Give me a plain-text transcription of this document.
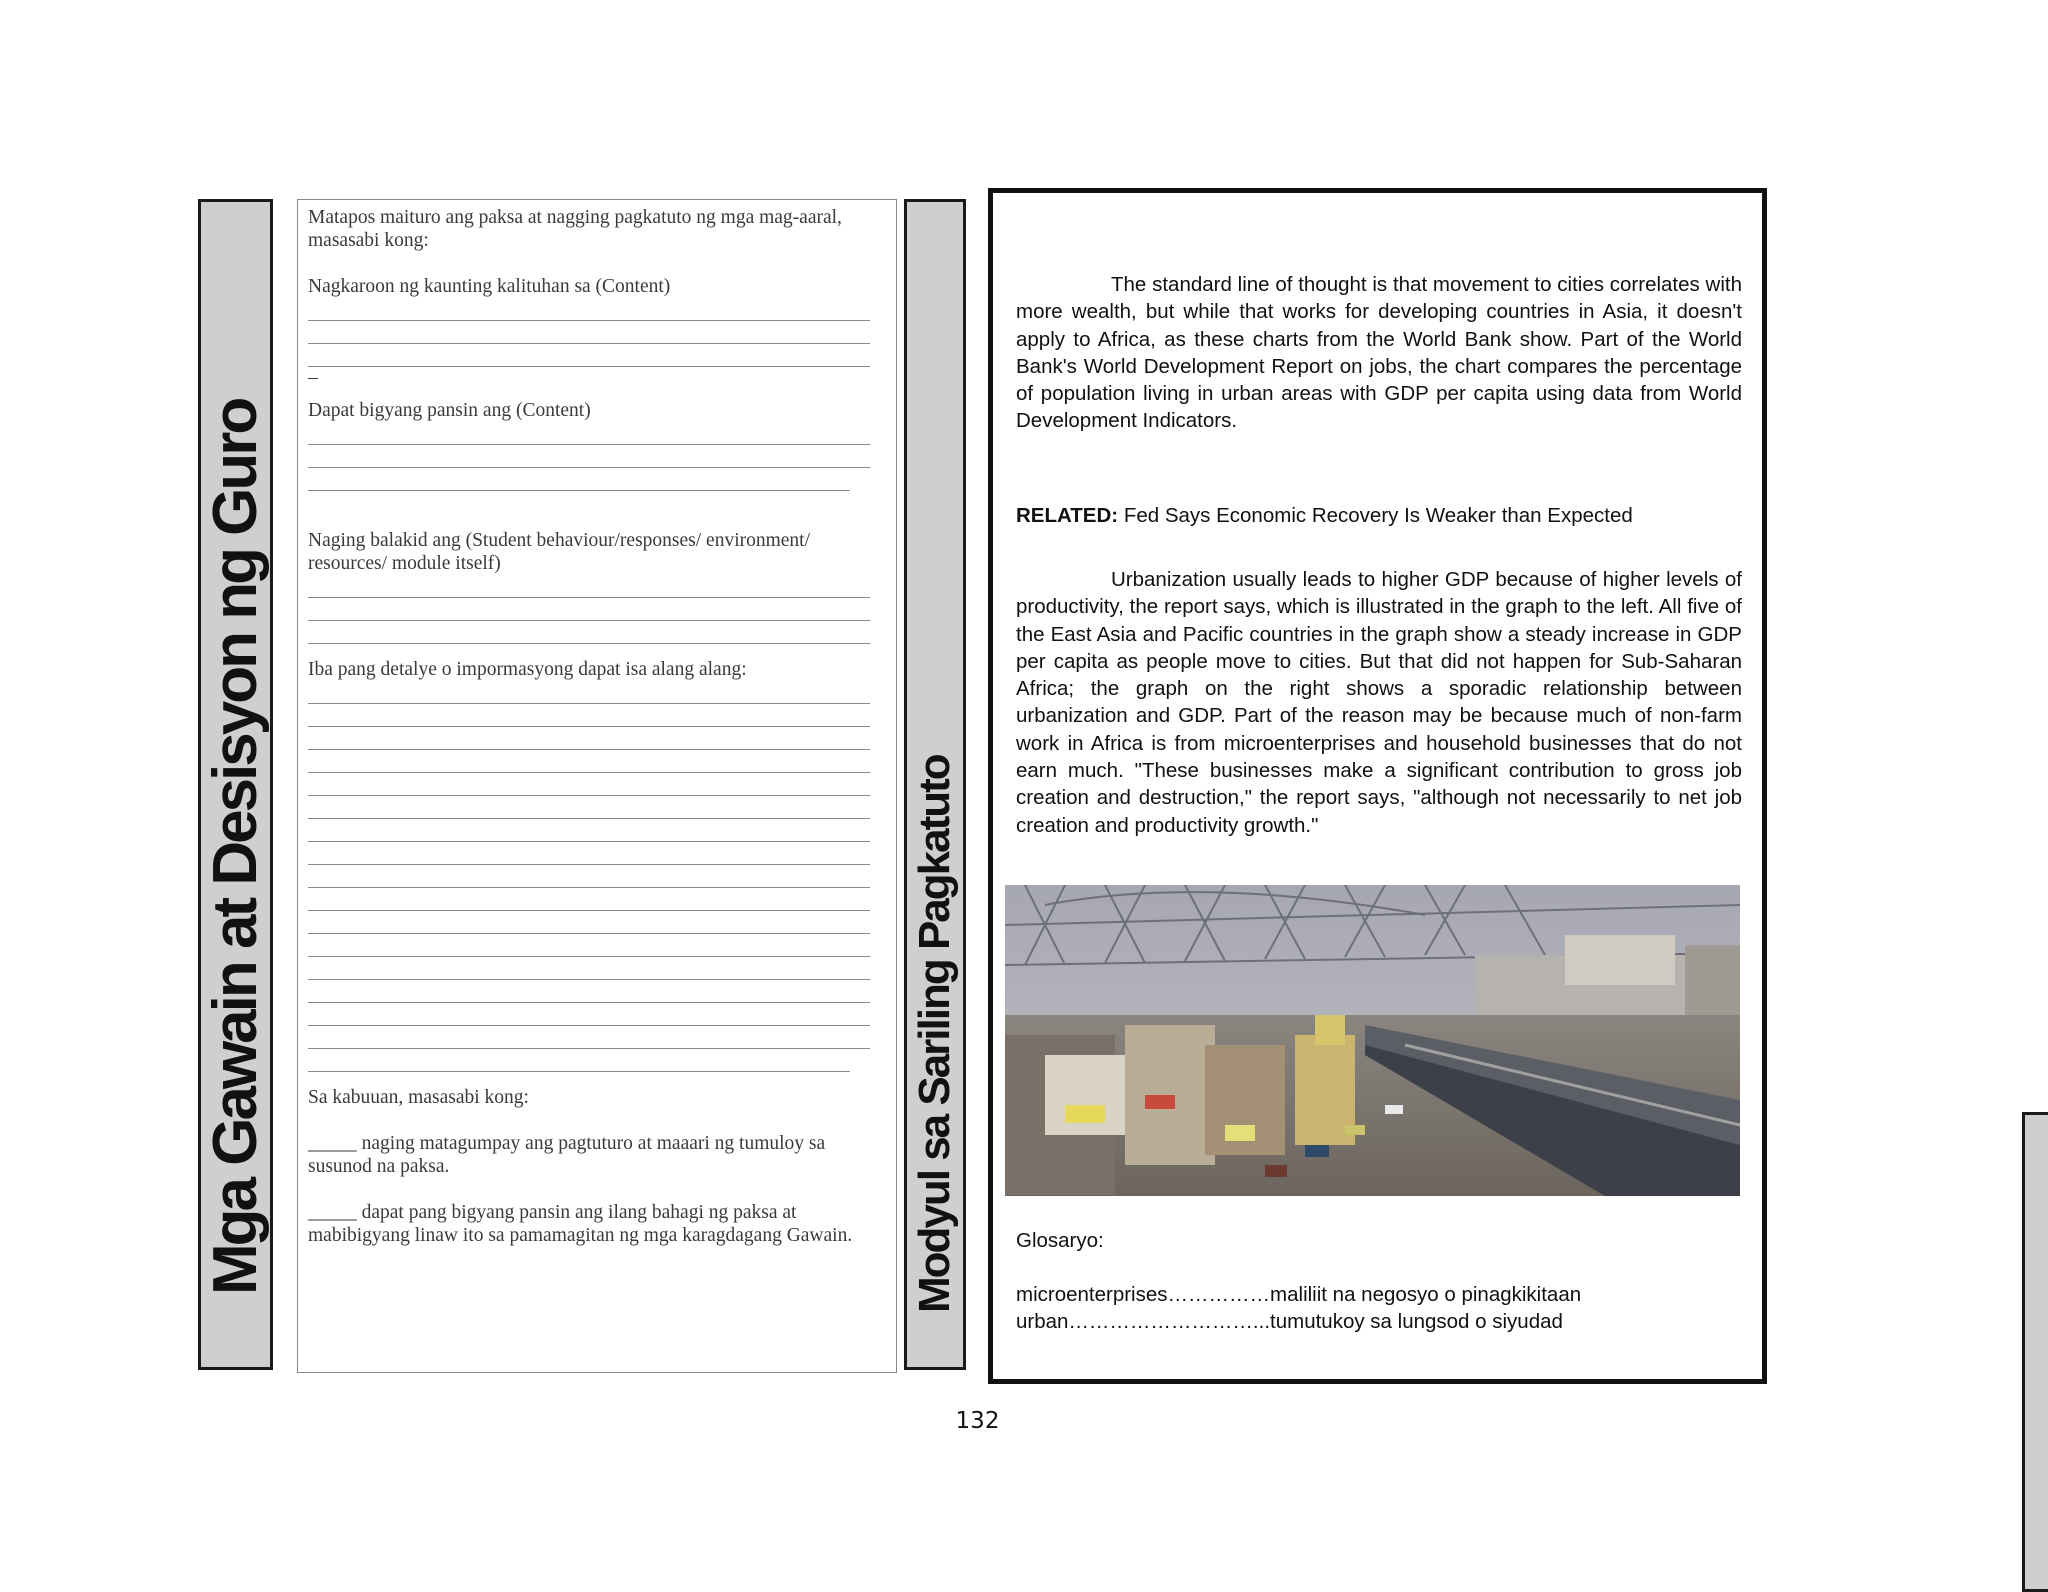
Mga Gawain at Desisyon ng Guro

Matapos maituro ang paksa at nagging pagkatuto ng mga mag-aaral, masasabi kong:

Nagkaroon ng kaunting kalituhan sa (Content)

–

Dapat bigyang pansin ang (Content)

Naging balakid ang (Student behaviour/responses/ environment/ resources/ module itself)

Iba pang detalye o impormasyong dapat isa alang alang:

Sa kabuuan, masasabi kong:

_____ naging matagumpay ang pagtuturo at maaari ng tumuloy sa susunod na paksa.

_____ dapat pang bigyang pansin ang ilang bahagi ng paksa at mabibigyang linaw ito sa pamamagitan ng mga karagdagang Gawain.	Modyul sa Sariling Pagkatuto

The standard line of thought is that movement to cities correlates with more wealth, but while that works for developing countries in Asia, it doesn't apply to Africa, as these charts from the World Bank show. Part of the World Bank's World Development Report on jobs, the chart compares the percentage of population living in urban areas with GDP per capita using data from World Development Indicators.

RELATED: Fed Says Economic Recovery Is Weaker than Expected

Urbanization usually leads to higher GDP because of higher levels of productivity, the report says, which is illustrated in the graph to the left. All five of the East Asia and Pacific countries in the graph show a steady increase in GDP per capita as people move to cities. But that did not happen for Sub-Saharan Africa; the graph on the right shows a sporadic relationship between urbanization and GDP. Part of the reason may be because much of non-farm work in Africa is from microenterprises and household businesses that do not earn much. "These businesses make a significant contribution to gross job creation and destruction," the report says, "although not necessarily to net job creation and productivity growth."

Glosaryo:
microenterprises……………maliliit na negosyo o pinagkikitaan
urban………………………...tumutukoy sa lungsod o siyudad
132
